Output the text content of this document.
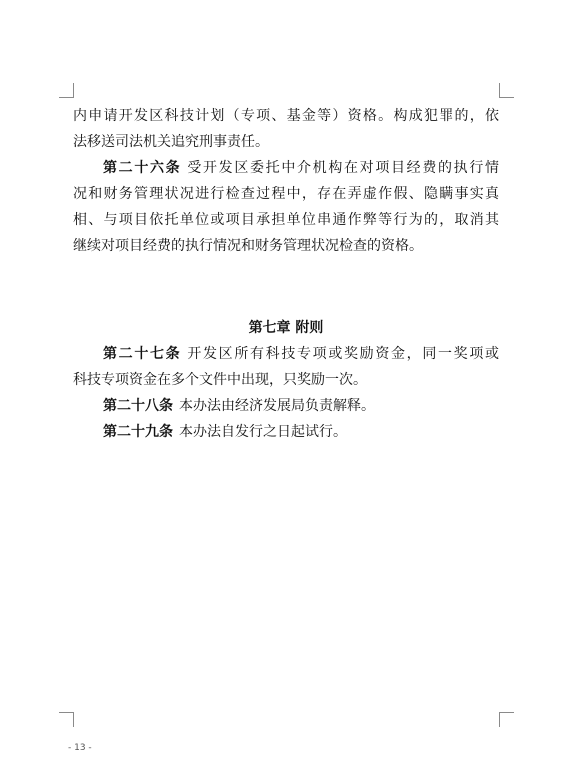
内申请开发区科技计划（专项、基金等）资格。构成犯罪的，依
法移送司法机关追究刑事责任。
第二十六条 受开发区委托中介机构在对项目经费的执行情
况和财务管理状况进行检查过程中，存在弄虚作假、隐瞒事实真
相、与项目依托单位或项目承担单位串通作弊等行为的，取消其
继续对项目经费的执行情况和财务管理状况检查的资格。
第七章 附则
第二十七条 开发区所有科技专项或奖励资金，同一奖项或
科技专项资金在多个文件中出现，只奖励一次。
第二十八条 本办法由经济发展局负责解释。
第二十九条 本办法自发行之日起试行。
- 13 -
